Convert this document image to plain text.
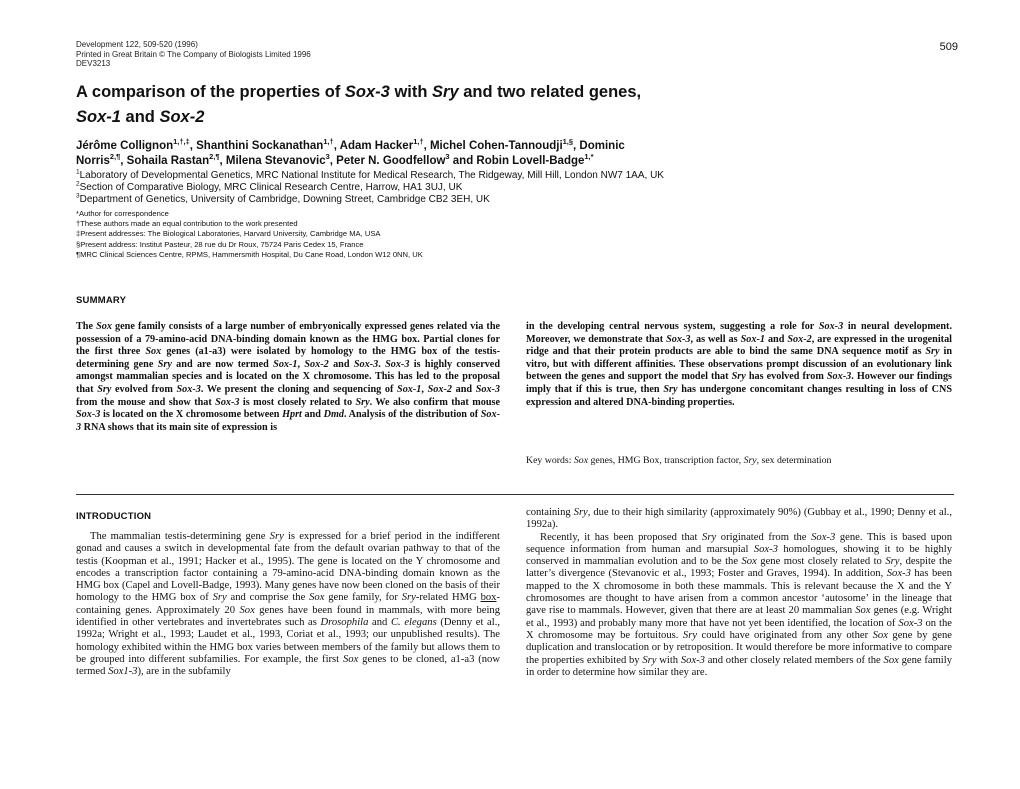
Development 122, 509-520 (1996)
Printed in Great Britain © The Company of Biologists Limited 1996
DEV3213
509
A comparison of the properties of Sox-3 with Sry and two related genes,
Sox-1 and Sox-2
Jérôme Collignon$^{1,\dagger,\ddagger}$, Shanthini Sockanathan$^{1,\dagger}$, Adam Hacker$^{1,\dagger}$, Michel Cohen-Tannoudji$^{1,\S}$, Dominic
Norris$^{2,\P}$, Sohaila Rastan$^{2,\P}$, Milena Stevanovic$^3$, Peter N. Goodfellow$^3$ and Robin Lovell-Badge$^{1,*}$
$^1$Laboratory of Developmental Genetics, MRC National Institute for Medical Research, The Ridgeway, Mill Hill, London NW7 1AA, UK
$^2$Section of Comparative Biology, MRC Clinical Research Centre, Harrow, HA1 3UJ, UK
$^3$Department of Genetics, University of Cambridge, Downing Street, Cambridge CB2 3EH, UK
*Author for correspondence
†These authors made an equal contribution to the work presented
‡Present addresses: The Biological Laboratories, Harvard University, Cambridge MA, USA
§Present address: Institut Pasteur, 28 rue du Dr Roux, 75724 Paris Cedex 15, France
¶MRC Clinical Sciences Centre, RPMS, Hammersmith Hospital, Du Cane Road, London W12 0NN, UK
SUMMARY
The Sox gene family consists of a large number of embryonically expressed genes related via the possession of a 79-amino-acid DNA-binding domain known as the HMG box. Partial clones for the first three Sox genes (a1-a3) were isolated by homology to the HMG box of the testis-determining gene Sry and are now termed Sox-1, Sox-2 and Sox-3. Sox-3 is highly conserved amongst mammalian species and is located on the X chromosome. This has led to the proposal that Sry evolved from Sox-3. We present the cloning and sequencing of Sox-1, Sox-2 and Sox-3 from the mouse and show that Sox-3 is most closely related to Sry. We also confirm that mouse Sox-3 is located on the X chromosome between Hprt and Dmd. Analysis of the distribution of Sox-3 RNA shows that its main site of expression is
in the developing central nervous system, suggesting a role for Sox-3 in neural development. Moreover, we demonstrate that Sox-3, as well as Sox-1 and Sox-2, are expressed in the urogenital ridge and that their protein products are able to bind the same DNA sequence motif as Sry in vitro, but with different affinities. These observations prompt discussion of an evolutionary link between the genes and support the model that Sry has evolved from Sox-3. However our findings imply that if this is true, then Sry has undergone concomitant changes resulting in loss of CNS expression and altered DNA-binding properties.
Key words: Sox genes, HMG Box, transcription factor, Sry, sex determination
INTRODUCTION

The mammalian testis-determining gene Sry is expressed for a brief period in the indifferent gonad and causes a switch in developmental fate from the default ovarian pathway to that of the testis (Koopman et al., 1991; Hacker et al., 1995). The gene is located on the Y chromosome and encodes a transcription factor containing a 79-amino-acid DNA-binding domain known as the HMG box (Capel and Lovell-Badge, 1993). Many genes have now been cloned on the basis of their homology to the HMG box of Sry and comprise the Sox gene family, for Sry-related HMG box-containing genes. Approximately 20 Sox genes have been found in mammals, with more being identified in other vertebrates and invertebrates such as Drosophila and C. elegans (Denny et al., 1992a; Wright et al., 1993; Laudet et al., 1993, Coriat et al., 1993; our unpublished results). The homology exhibited within the HMG box varies between members of the family but allows them to be grouped into different subfamilies. For example, the first Sox genes to be cloned, a1-a3 (now termed Sox1-3), are in the subfamily

containing Sry, due to their high similarity (approximately 90%) (Gubbay et al., 1990; Denny et al., 1992a).

Recently, it has been proposed that Sry originated from the Sox-3 gene. This is based upon sequence information from human and marsupial Sox-3 homologues, showing it to be highly conserved in mammalian evolution and to be the Sox gene most closely related to Sry, despite the latter’s divergence (Stevanovic et al., 1993; Foster and Graves, 1994). In addition, Sox-3 has been mapped to the X chromosome in both these mammals. This is relevant because the X and the Y chromosomes are thought to have arisen from a common ancestor ‘autosome’ in the lineage that gave rise to mammals. However, given that there are at least 20 mammalian Sox genes (e.g. Wright et al., 1993) and probably many more that have not yet been identified, the location of Sox-3 on the X chromosome may be fortuitous. Sry could have originated from any other Sox gene by gene duplication and translocation or by retroposition. It would therefore be more informative to compare the properties exhibited by Sry with Sox-3 and other closely related members of the Sox gene family in order to determine how similar they are.
